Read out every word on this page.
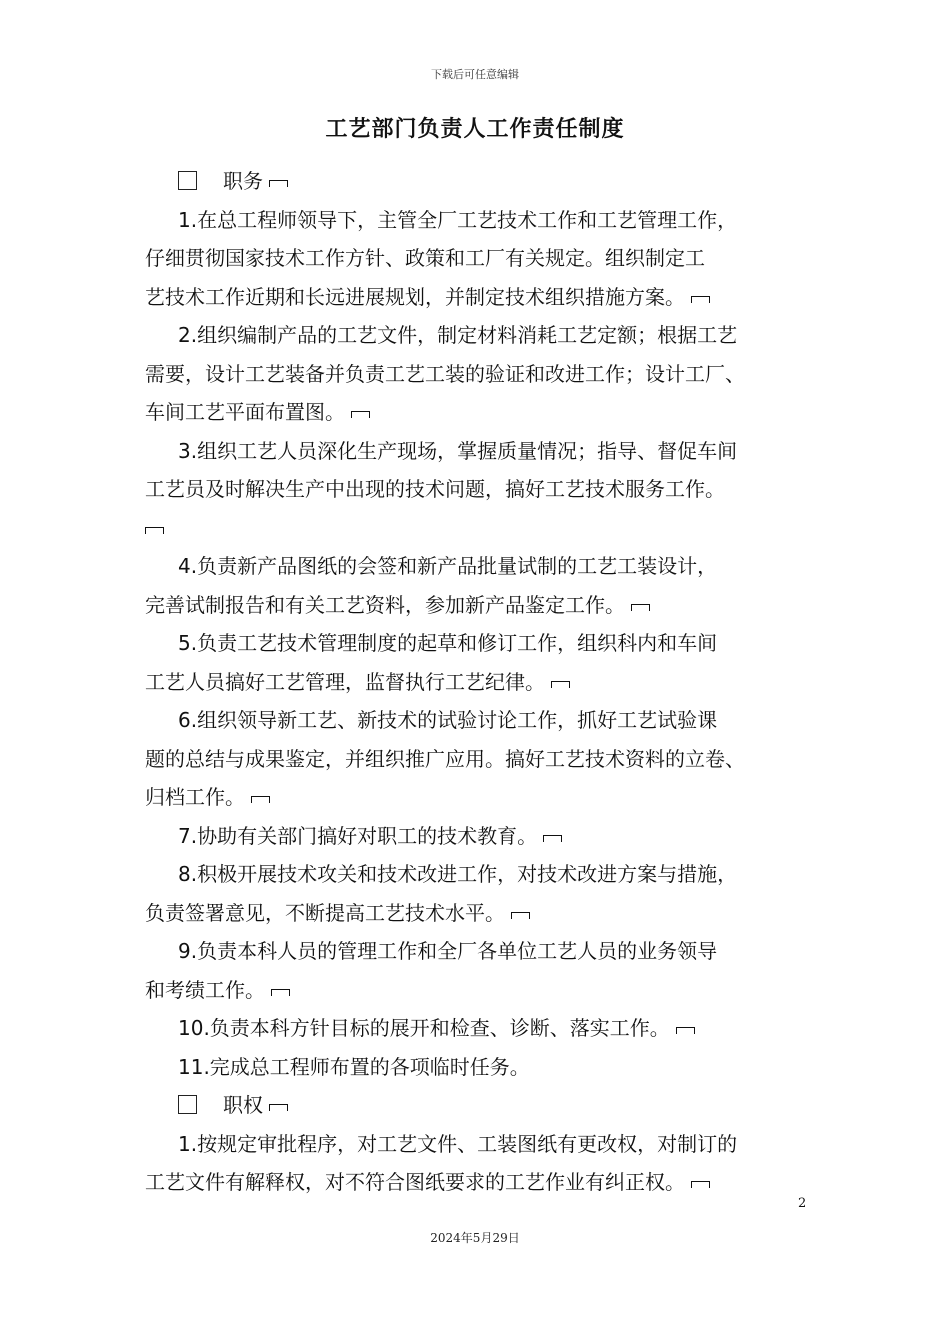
下载后可任意编辑
工艺部门负责人工作责任制度
职务
1.在总工程师领导下，主管全厂工艺技术工作和工艺管理工作，
仔细贯彻国家技术工作方针、政策和工厂有关规定。组织制定工
艺技术工作近期和长远进展规划，并制定技术组织措施方案。
2.组织编制产品的工艺文件，制定材料消耗工艺定额；根据工艺
需要，设计工艺装备并负责工艺工装的验证和改进工作；设计工厂、
车间工艺平面布置图。
3.组织工艺人员深化生产现场，掌握质量情况；指导、督促车间
工艺员及时解决生产中出现的技术问题，搞好工艺技术服务工作。
4.负责新产品图纸的会签和新产品批量试制的工艺工装设计，
完善试制报告和有关工艺资料，参加新产品鉴定工作。
5.负责工艺技术管理制度的起草和修订工作，组织科内和车间
工艺人员搞好工艺管理，监督执行工艺纪律。
6.组织领导新工艺、新技术的试验讨论工作，抓好工艺试验课
题的总结与成果鉴定，并组织推广应用。搞好工艺技术资料的立卷、
归档工作。
7.协助有关部门搞好对职工的技术教育。
8.积极开展技术攻关和技术改进工作，对技术改进方案与措施，
负责签署意见，不断提高工艺技术水平。
9.负责本科人员的管理工作和全厂各单位工艺人员的业务领导
和考绩工作。
10.负责本科方针目标的展开和检查、诊断、落实工作。
11.完成总工程师布置的各项临时任务。
职权
1.按规定审批程序，对工艺文件、工装图纸有更改权，对制订的
工艺文件有解释权，对不符合图纸要求的工艺作业有纠正权。
2
2024年5月29日
